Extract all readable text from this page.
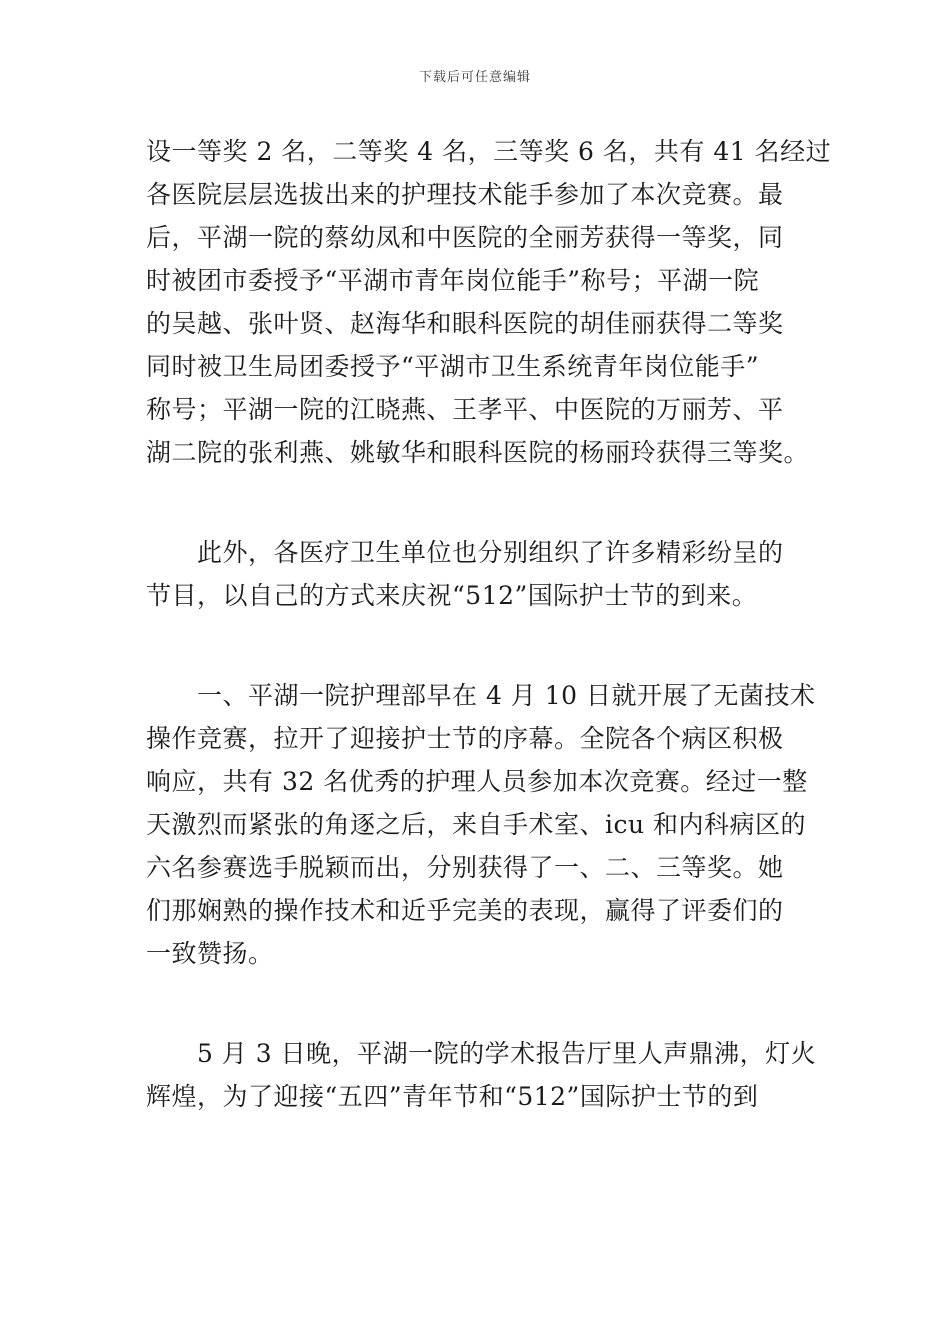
下载后可任意编辑
设一等奖 2 名，二等奖 4 名，三等奖 6 名，共有 41 名经过
各医院层层选拔出来的护理技术能手参加了本次竞赛。最
后，平湖一院的蔡幼凤和中医院的全丽芳获得一等奖，同
时被团市委授予“平湖市青年岗位能手”称号；平湖一院
的吴越、张叶贤、赵海华和眼科医院的胡佳丽获得二等奖
同时被卫生局团委授予“平湖市卫生系统青年岗位能手”
称号；平湖一院的江晓燕、王孝平、中医院的万丽芳、平
湖二院的张利燕、姚敏华和眼科医院的杨丽玲获得三等奖。
此外，各医疗卫生单位也分别组织了许多精彩纷呈的
节目，以自己的方式来庆祝“512”国际护士节的到来。
一、平湖一院护理部早在 4 月 10 日就开展了无菌技术
操作竞赛，拉开了迎接护士节的序幕。全院各个病区积极
响应，共有 32 名优秀的护理人员参加本次竞赛。经过一整
天激烈而紧张的角逐之后，来自手术室、icu 和内科病区的
六名参赛选手脱颖而出，分别获得了一、二、三等奖。她
们那娴熟的操作技术和近乎完美的表现，赢得了评委们的
一致赞扬。
5 月 3 日晚，平湖一院的学术报告厅里人声鼎沸，灯火
辉煌，为了迎接“五四”青年节和“512”国际护士节的到
